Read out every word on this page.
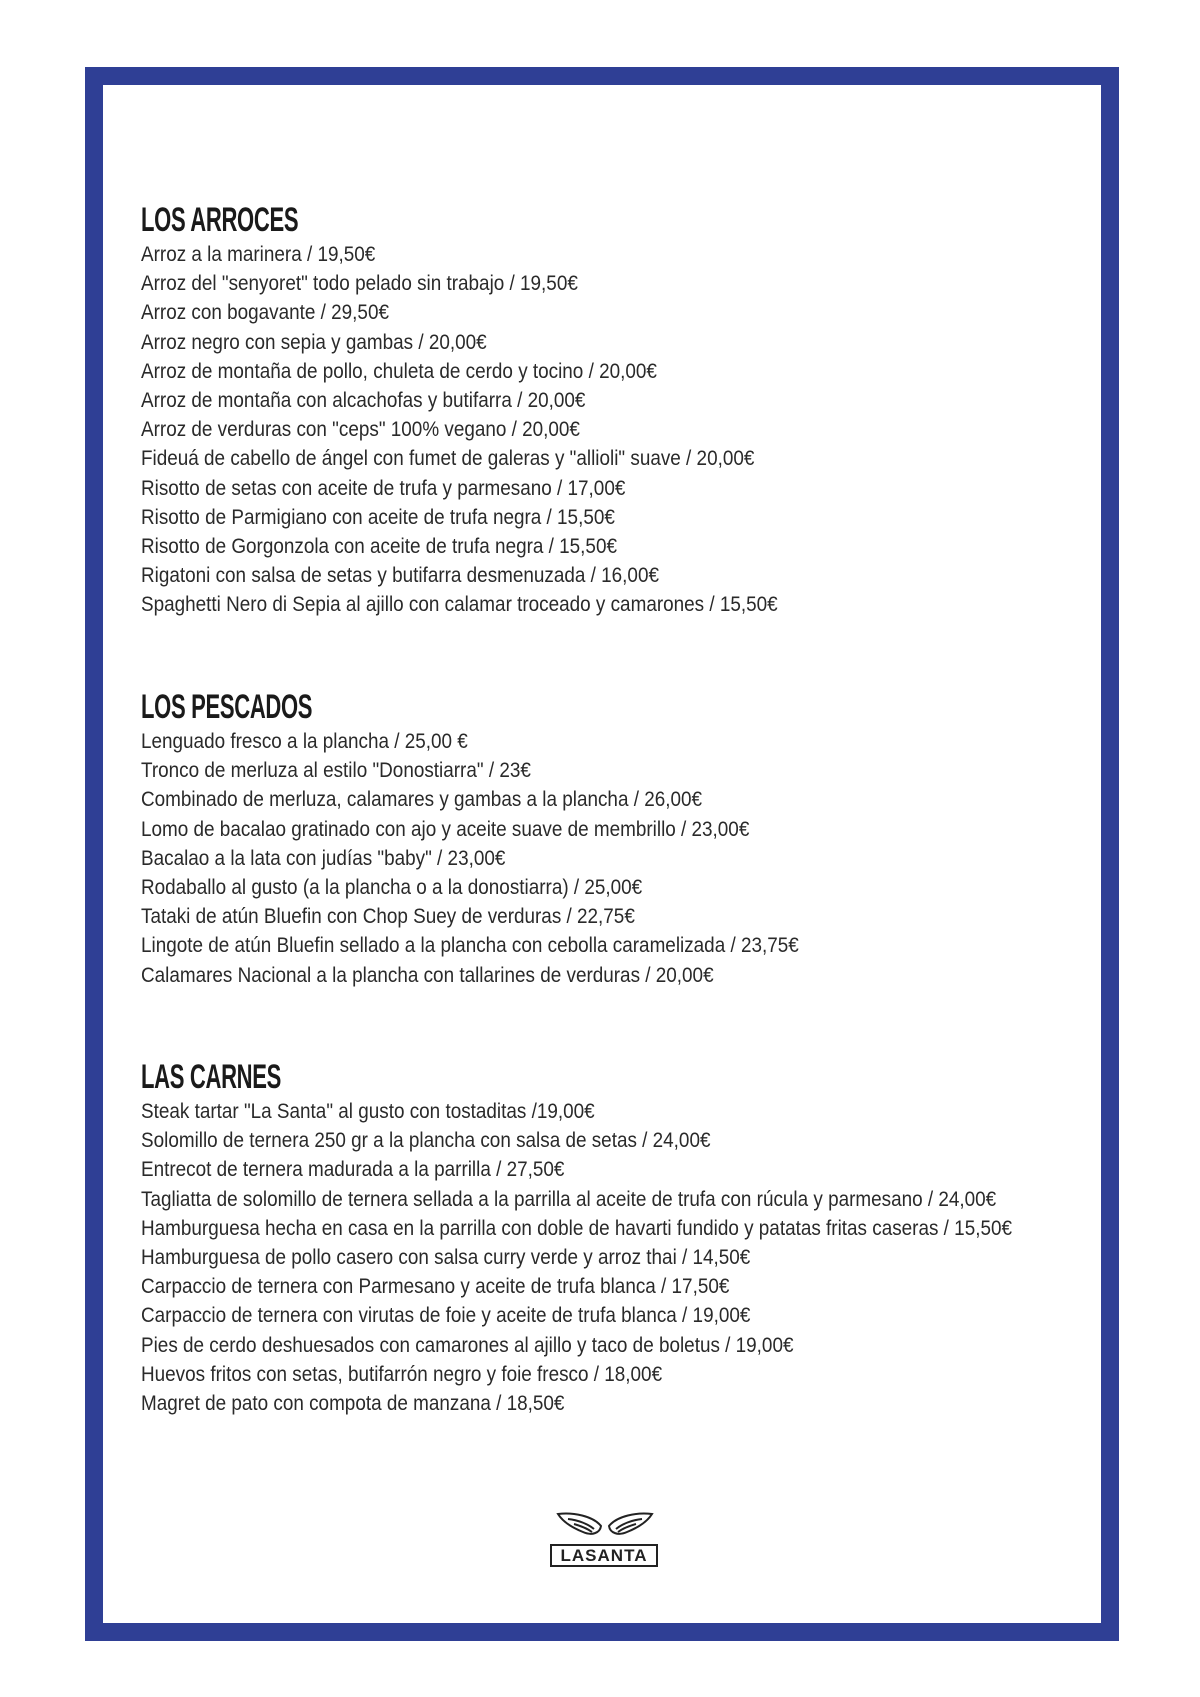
LOS ARROCES
Arroz a la marinera / 19,50€
Arroz del "senyoret" todo pelado sin trabajo / 19,50€
Arroz con bogavante / 29,50€
Arroz negro con sepia y gambas / 20,00€
Arroz de montaña de pollo, chuleta de cerdo y tocino / 20,00€
Arroz de montaña con alcachofas y butifarra / 20,00€
Arroz de verduras con "ceps" 100% vegano / 20,00€
Fideuá de cabello de ángel con fumet de galeras y "allioli" suave / 20,00€
Risotto de setas con aceite de trufa y parmesano / 17,00€
Risotto de Parmigiano con aceite de trufa negra / 15,50€
Risotto de Gorgonzola con aceite de trufa negra / 15,50€
Rigatoni con salsa de setas y butifarra desmenuzada / 16,00€
Spaghetti Nero di Sepia al ajillo con calamar troceado y camarones / 15,50€
LOS PESCADOS
Lenguado fresco a la plancha / 25,00 €
Tronco de merluza al estilo "Donostiarra" / 23€
Combinado de merluza, calamares y gambas a la plancha / 26,00€
Lomo de bacalao gratinado con ajo y aceite suave de membrillo / 23,00€
Bacalao a la lata con judías "baby" / 23,00€
Rodaballo al gusto (a la plancha o a la donostiarra) / 25,00€
Tataki de atún Bluefin con Chop Suey de verduras / 22,75€
Lingote de atún Bluefin sellado a la plancha con cebolla caramelizada / 23,75€
Calamares Nacional a la plancha con tallarines de verduras / 20,00€
LAS CARNES
Steak tartar "La Santa" al gusto con tostaditas /19,00€
Solomillo de ternera 250 gr a la plancha con salsa de setas / 24,00€
Entrecot de ternera madurada a la parrilla / 27,50€
Tagliatta de solomillo de ternera sellada a la parrilla al aceite de trufa con rúcula y parmesano / 24,00€
Hamburguesa hecha en casa en la parrilla con doble de havarti fundido y patatas fritas caseras / 15,50€
Hamburguesa de pollo casero con salsa curry verde y arroz thai / 14,50€
Carpaccio de ternera con Parmesano y aceite de trufa blanca / 17,50€
Carpaccio de ternera con virutas de foie y aceite de trufa blanca / 19,00€
Pies de cerdo deshuesados con camarones al ajillo y taco de boletus / 19,00€
Huevos fritos con setas, butifarrón negro y foie fresco / 18,00€
Magret de pato con compota de manzana / 18,50€
LASANTA
